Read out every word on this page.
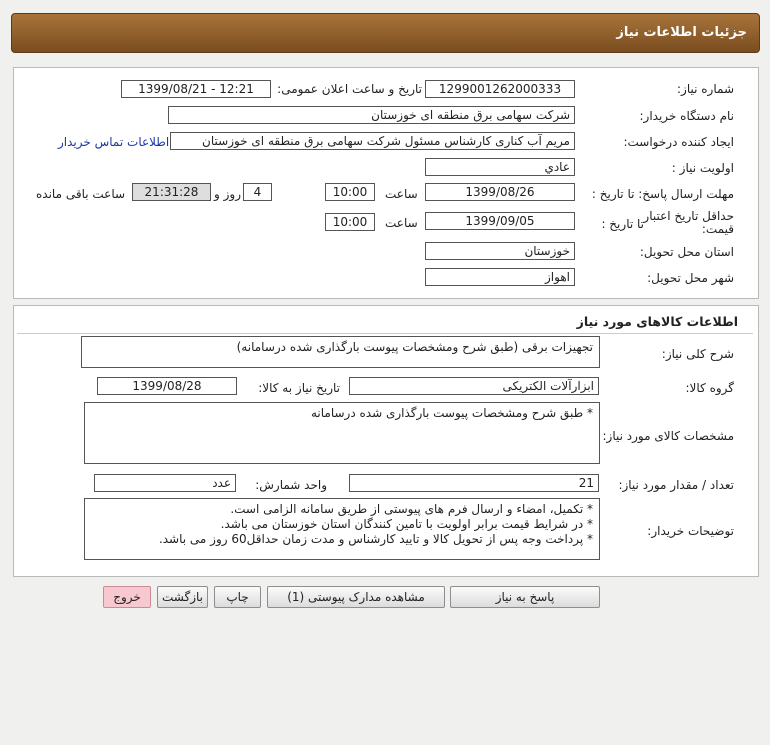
جزئیات اطلاعات نیاز
شماره نیاز:
1299001262000333
تاریخ و ساعت اعلان عمومی:
1399/08/21 - 12:21
نام دستگاه خریدار:
شرکت سهامی برق منطقه ای خوزستان
ایجاد کننده درخواست:
مریم آب کناری کارشناس مسئول شرکت سهامی برق منطقه ای خوزستان
اطلاعات تماس خریدار
اولویت نیاز :
عادي
مهلت ارسال پاسخ: تا تاریخ :
1399/08/26
ساعت
10:00
4
روز و
21:31:28
ساعت باقی مانده
حداقل تاریخ اعتبار
قیمت:
تا تاریخ :
1399/09/05
ساعت
10:00
استان محل تحویل:
خوزستان
شهر محل تحویل:
اهواز
اطلاعات کالاهای مورد نیاز
شرح کلی نیاز:
تجهیزات برقی (طبق شرح ومشخصات پیوست بارگذاری شده درسامانه)
گروه کالا:
ابزارآلات الکتریکی
تاریخ نیاز به کالا:
1399/08/28
مشخصات کالای مورد نیاز:
* طبق شرح ومشخصات پیوست بارگذاری شده درسامانه
تعداد / مقدار مورد نیاز:
21
واحد شمارش:
عدد
توضیحات خریدار:
* تکمیل، امضاء و ارسال فرم های پیوستی از طریق سامانه الزامی است.
* در شرایط قیمت برابر اولویت با تامین کنندگان استان خوزستان می باشد.
* پرداخت وجه پس از تحویل کالا و تایید کارشناس و مدت زمان حداقل60 روز می باشد.
پاسخ به نیاز
مشاهده مدارک پیوستی (1)
چاپ
بازگشت
خروج
